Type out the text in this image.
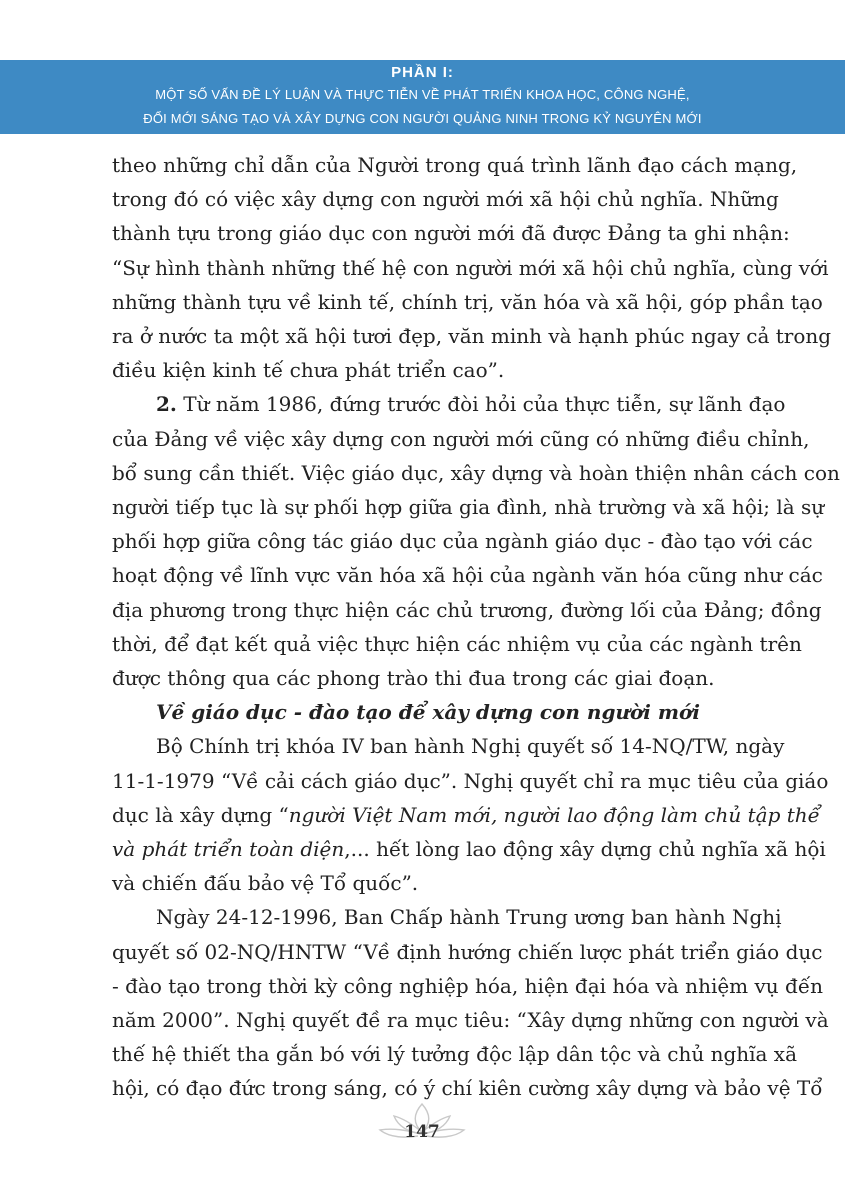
PHẦN I:
MỘT SỐ VẤN ĐỀ LÝ LUẬN VÀ THỰC TIỄN VỀ PHÁT TRIỂN KHOA HỌC, CÔNG NGHỆ,
ĐỔI MỚI SÁNG TẠO VÀ XÂY DỰNG CON NGƯỜI QUẢNG NINH TRONG KỶ NGUYÊN MỚI
theo những chỉ dẫn của Người trong quá trình lãnh đạo cách mạng,
trong đó có việc xây dựng con người mới xã hội chủ nghĩa. Những
thành tựu trong giáo dục con người mới đã được Đảng ta ghi nhận:
“Sự hình thành những thế hệ con người mới xã hội chủ nghĩa, cùng với
những thành tựu về kinh tế, chính trị, văn hóa và xã hội, góp phần tạo
ra ở nước ta một xã hội tươi đẹp, văn minh và hạnh phúc ngay cả trong
điều kiện kinh tế chưa phát triển cao”.
2. Từ năm 1986, đứng trước đòi hỏi của thực tiễn, sự lãnh đạo
của Đảng về việc xây dựng con người mới cũng có những điều chỉnh,
bổ sung cần thiết. Việc giáo dục, xây dựng và hoàn thiện nhân cách con
người tiếp tục là sự phối hợp giữa gia đình, nhà trường và xã hội; là sự
phối hợp giữa công tác giáo dục của ngành giáo dục - đào tạo với các
hoạt động về lĩnh vực văn hóa xã hội của ngành văn hóa cũng như các
địa phương trong thực hiện các chủ trương, đường lối của Đảng; đồng
thời, để đạt kết quả việc thực hiện các nhiệm vụ của các ngành trên
được thông qua các phong trào thi đua trong các giai đoạn.
Về giáo dục - đào tạo để xây dựng con người mới
Bộ Chính trị khóa IV ban hành Nghị quyết số 14-NQ/TW, ngày
11-1-1979 “Về cải cách giáo dục”. Nghị quyết chỉ ra mục tiêu của giáo
dục là xây dựng “người Việt Nam mới, người lao động làm chủ tập thể
và phát triển toàn diện,... hết lòng lao động xây dựng chủ nghĩa xã hội
và chiến đấu bảo vệ Tổ quốc”.
Ngày 24-12-1996, Ban Chấp hành Trung ương ban hành Nghị
quyết số 02-NQ/HNTW “Về định hướng chiến lược phát triển giáo dục
- đào tạo trong thời kỳ công nghiệp hóa, hiện đại hóa và nhiệm vụ đến
năm 2000”. Nghị quyết đề ra mục tiêu: “Xây dựng những con người và
thế hệ thiết tha gắn bó với lý tưởng độc lập dân tộc và chủ nghĩa xã
hội, có đạo đức trong sáng, có ý chí kiên cường xây dựng và bảo vệ Tổ
147
